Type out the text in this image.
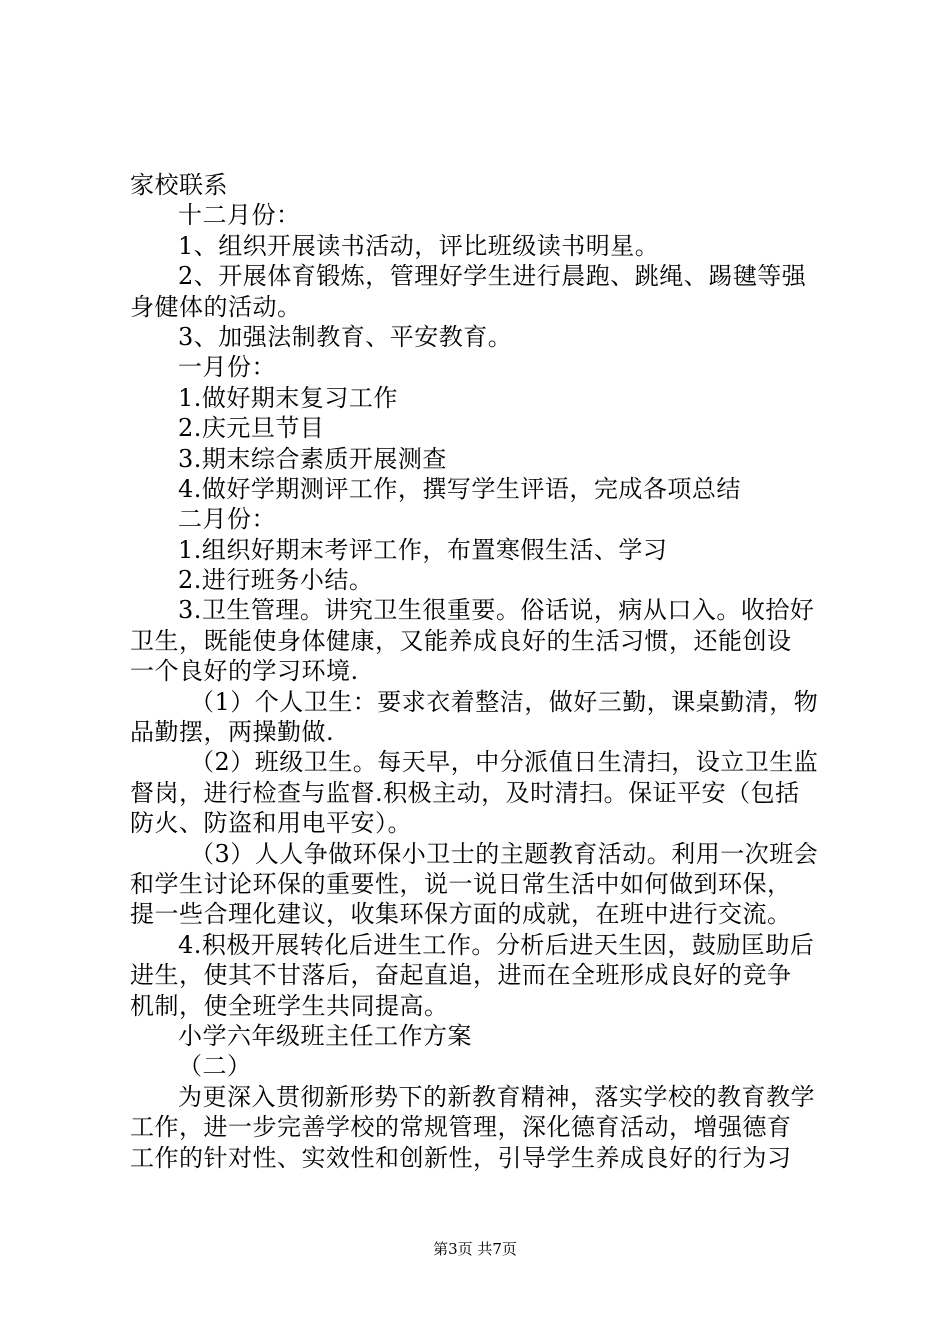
家校联系
十二月份：
1、组织开展读书活动，评比班级读书明星。
2、开展体育锻炼，管理好学生进行晨跑、跳绳、踢毽等强
身健体的活动。
3、加强法制教育、平安教育。
一月份：
1.做好期末复习工作
2.庆元旦节目
3.期末综合素质开展测查
4.做好学期测评工作，撰写学生评语，完成各项总结
二月份：
1.组织好期末考评工作，布置寒假生活、学习
2.进行班务小结。
3.卫生管理。讲究卫生很重要。俗话说，病从口入。收拾好
卫生，既能使身体健康，又能养成良好的生活习惯，还能创设
一个良好的学习环境.
（1）个人卫生：要求衣着整洁，做好三勤，课桌勤清，物
品勤摆，两操勤做.
（2）班级卫生。每天早，中分派值日生清扫，设立卫生监
督岗，进行检查与监督.积极主动，及时清扫。保证平安（包括
防火、防盗和用电平安）。
（3）人人争做环保小卫士的主题教育活动。利用一次班会
和学生讨论环保的重要性，说一说日常生活中如何做到环保，
提一些合理化建议，收集环保方面的成就，在班中进行交流。
4.积极开展转化后进生工作。分析后进天生因，鼓励匡助后
进生，使其不甘落后，奋起直追，进而在全班形成良好的竞争
机制，使全班学生共同提高。
小学六年级班主任工作方案
（二）
为更深入贯彻新形势下的新教育精神，落实学校的教育教学
工作，进一步完善学校的常规管理，深化德育活动，增强德育
工作的针对性、实效性和创新性，引导学生养成良好的行为习
第3页 共7页
